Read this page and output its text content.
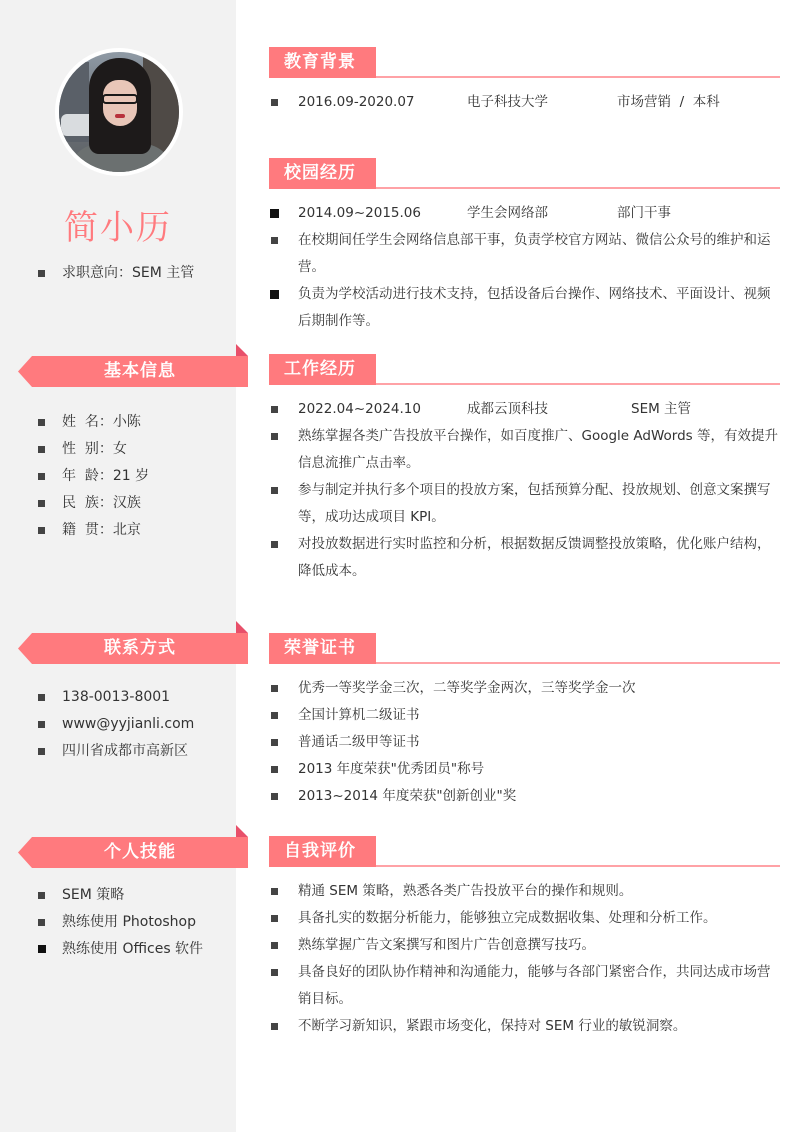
简小历
求职意向：SEM 主管
基本信息
姓  名：小陈
性  别：女
年  龄：21 岁
民  族：汉族
籍  贯：北京
联系方式
138-0013-8001
www@yyjianli.com
四川省成都市高新区
个人技能
SEM 策略
熟练使用 Photoshop
熟练使用 Offices 软件
教育背景
2016.09-2020.07	电子科技大学	市场营销  /  本科
校园经历
2014.09~2015.06	学生会网络部	部门干事
在校期间任学生会网络信息部干事，负责学校官方网站、微信公众号的维护和运营。
负责为学校活动进行技术支持，包括设备后台操作、网络技术、平面设计、视频后期制作等。
工作经历
2022.04~2024.10	成都云顶科技	SEM 主管
熟练掌握各类广告投放平台操作，如百度推广、Google AdWords 等，有效提升信息流推广点击率。
参与制定并执行多个项目的投放方案，包括预算分配、投放规划、创意文案撰写等，成功达成项目 KPI。
对投放数据进行实时监控和分析，根据数据反馈调整投放策略，优化账户结构，降低成本。
荣誉证书
优秀一等奖学金三次，二等奖学金两次，三等奖学金一次
全国计算机二级证书
普通话二级甲等证书
2013 年度荣获"优秀团员"称号
2013~2014 年度荣获"创新创业"奖
自我评价
精通 SEM 策略，熟悉各类广告投放平台的操作和规则。
具备扎实的数据分析能力，能够独立完成数据收集、处理和分析工作。
熟练掌握广告文案撰写和图片广告创意撰写技巧。
具备良好的团队协作精神和沟通能力，能够与各部门紧密合作，共同达成市场营销目标。
不断学习新知识，紧跟市场变化，保持对 SEM 行业的敏锐洞察。
